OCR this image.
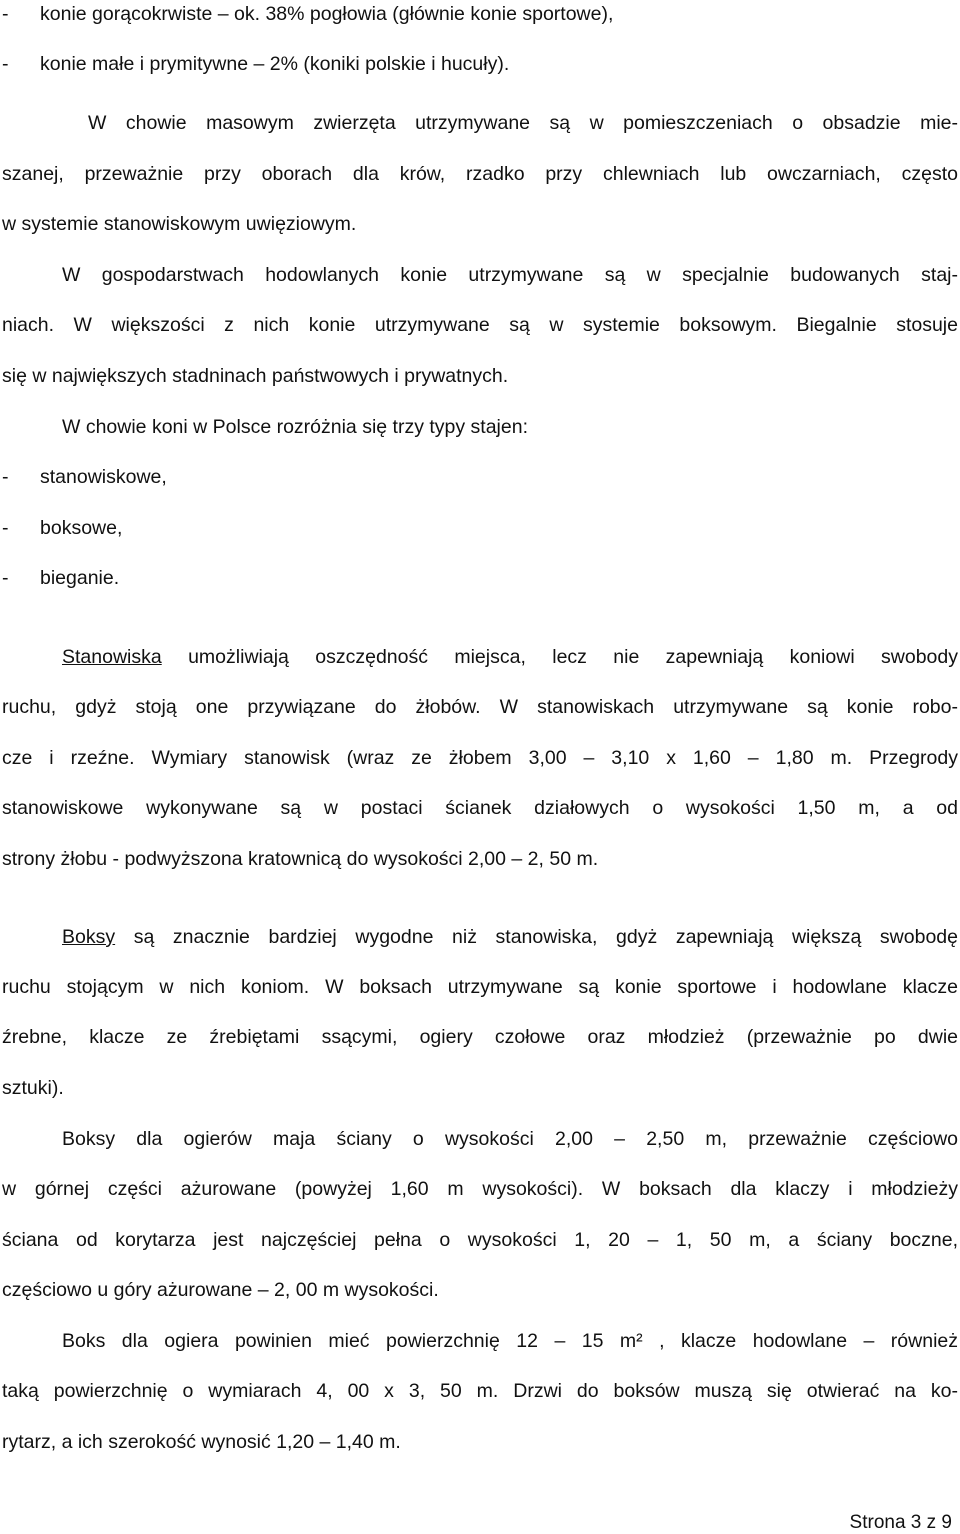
- konie gorącokrwiste – ok. 38% pogłowia (głównie konie sportowe),
- konie małe i prymitywne – 2% (koniki polskie i hucuły).
W chowie masowym zwierzęta utrzymywane są w pomieszczeniach o obsadzie mie-
szanej, przeważnie przy oborach dla krów, rzadko przy chlewniach lub owczarniach, często
w systemie stanowiskowym uwięziowym.
W gospodarstwach hodowlanych konie utrzymywane są w specjalnie budowanych staj-
niach. W większości z nich konie utrzymywane są w systemie boksowym. Biegalnie stosuje
się w największych stadninach państwowych i prywatnych.
W chowie koni w Polsce rozróżnia się trzy typy stajen:
- stanowiskowe,
- boksowe,
- bieganie.
Stanowiska umożliwiają oszczędność miejsca, lecz nie zapewniają koniowi swobody
ruchu, gdyż stoją one przywiązane do żłobów. W stanowiskach utrzymywane są konie robo-
cze i rzeźne. Wymiary stanowisk (wraz ze żłobem 3,00 – 3,10 x 1,60 – 1,80 m. Przegrody
stanowiskowe wykonywane są w postaci ścianek działowych o wysokości 1,50 m, a od
strony żłobu - podwyższona kratownicą do wysokości 2,00 – 2, 50 m.
Boksy są znacznie bardziej wygodne niż stanowiska, gdyż zapewniają większą swobodę
ruchu stojącym w nich koniom. W boksach utrzymywane są konie sportowe i hodowlane klacze
źrebne, klacze ze źrebiętami ssącymi, ogiery czołowe oraz młodzież (przeważnie po dwie
sztuki).
Boksy dla ogierów maja ściany o wysokości 2,00 – 2,50 m, przeważnie częściowo
w górnej części ażurowane (powyżej 1,60 m wysokości). W boksach dla klaczy i młodzieży
ściana od korytarza jest najczęściej pełna o wysokości 1, 20 – 1, 50 m, a ściany boczne,
częściowo u góry ażurowane – 2, 00 m wysokości.
Boks dla ogiera powinien mieć powierzchnię 12 – 15 m² , klacze hodowlane – również
taką powierzchnię o wymiarach 4, 00 x 3, 50 m. Drzwi do boksów muszą się otwierać na ko-
rytarz, a ich szerokość wynosić 1,20 – 1,40 m.
Strona 3 z 9
